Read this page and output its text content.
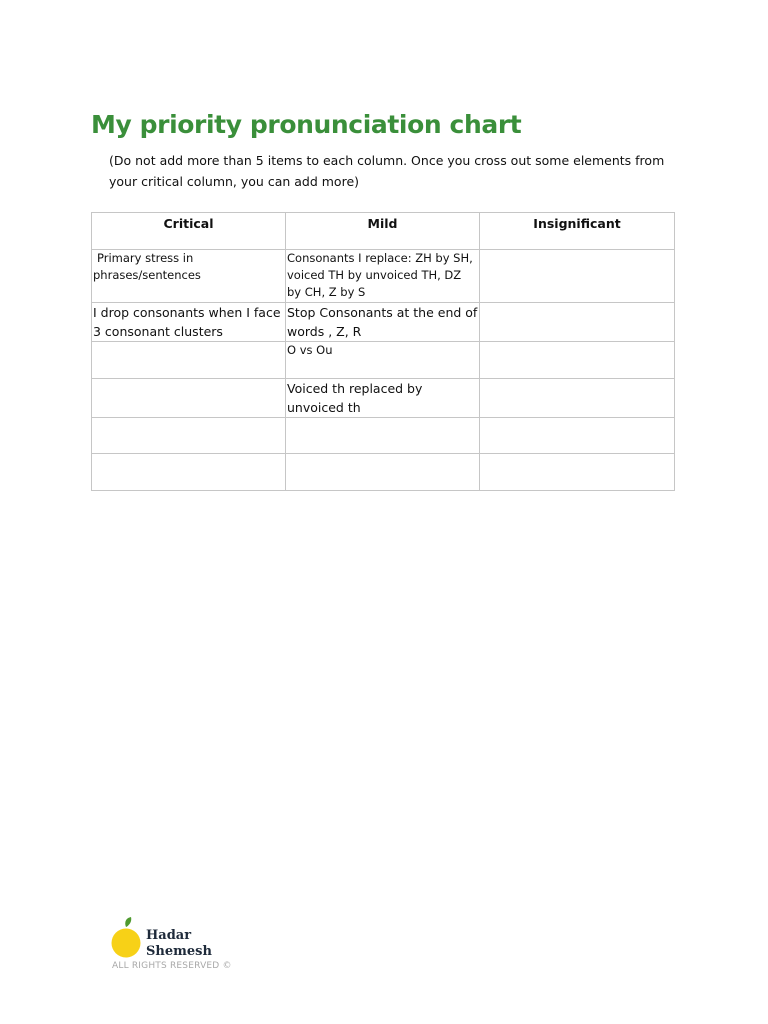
My priority pronunciation chart

(Do not add more than 5 items to each column. Once you cross out some elements from your critical column, you can add more)

Critical	Mild	Insignificant
Primary stress in phrases/sentences	Consonants I replace: ZH by SH, voiced TH by unvoiced TH, DZ by CH, Z by S	
I drop consonants when I face 3 consonant clusters	Stop Consonants at the end of words , Z, R	
	O vs Ou	
	Voiced th replaced by unvoiced th	

Hadar
Shemesh
ALL RIGHTS RESERVED ©
